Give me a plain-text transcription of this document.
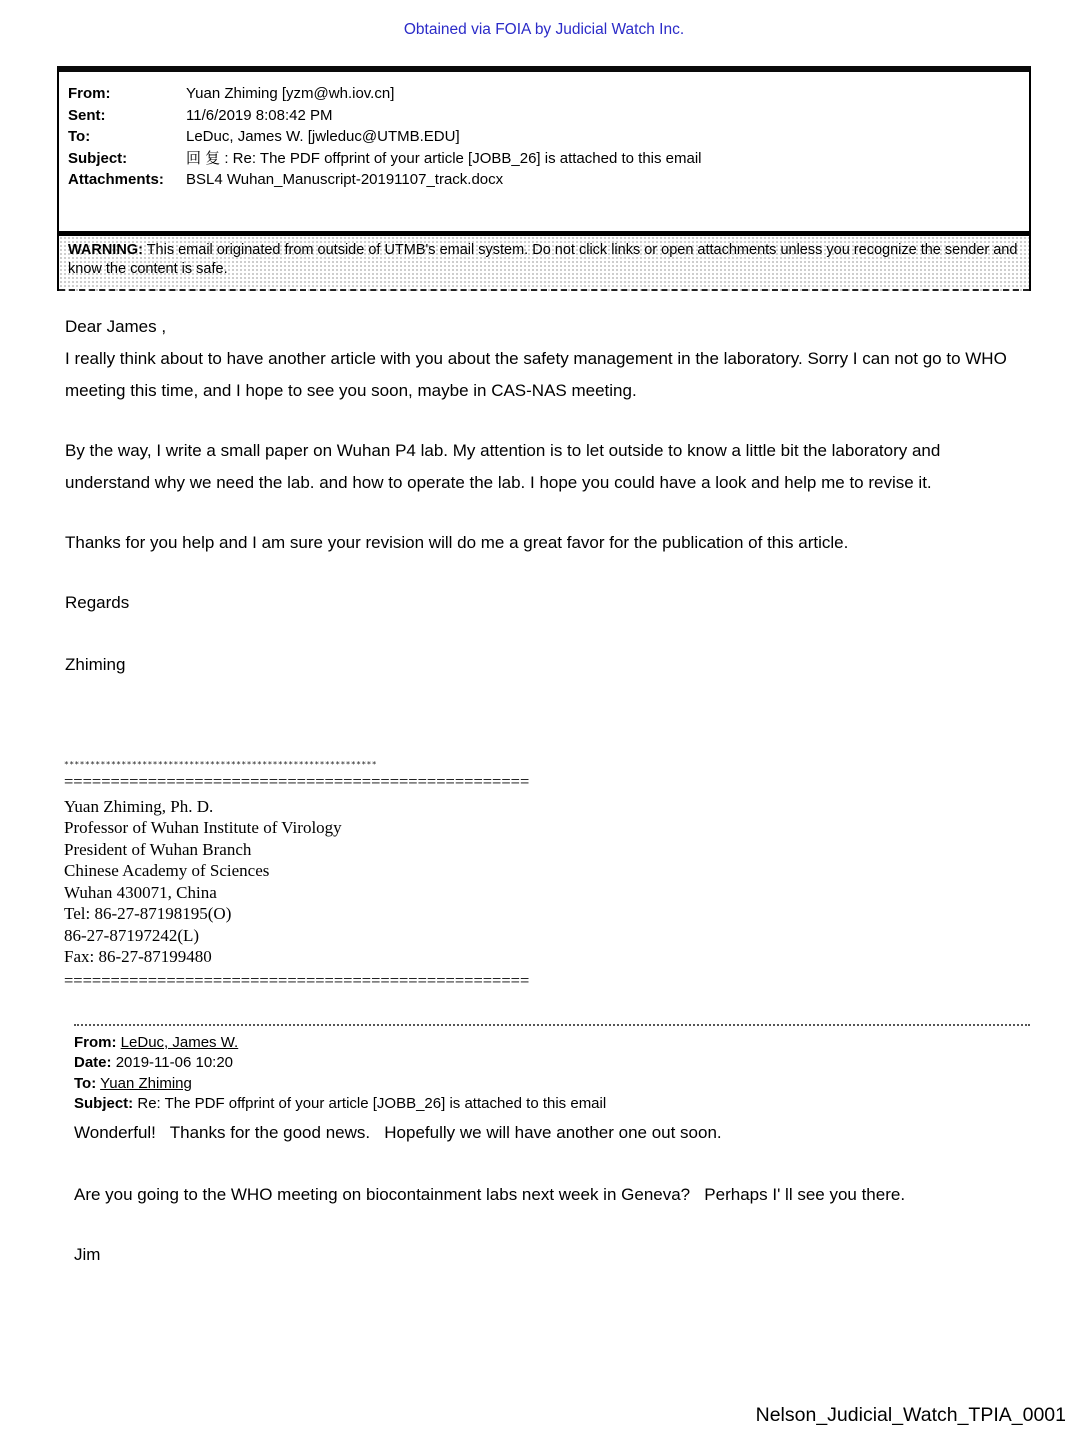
Obtained via FOIA by Judicial Watch Inc.
From:	Yuan Zhiming [yzm@wh.iov.cn]
Sent:	11/6/2019 8:08:42 PM
To:	LeDuc, James W. [jwleduc@UTMB.EDU]
Subject:	回 复 : Re: The PDF offprint of your article [JOBB_26] is attached to this email
Attachments:	BSL4 Wuhan_Manuscript-20191107_track.docx
WARNING: This email originated from outside of UTMB's email system. Do not click links or open attachments unless you recognize the sender and know the content is safe.
Dear James ,
I really think about to have another article with you about the safety management in the laboratory. Sorry I can not go to WHO meeting this time, and I hope to see you soon, maybe in CAS-NAS meeting.
By the way, I write a small paper on Wuhan P4 lab. My attention is to let outside to know a little bit the laboratory and understand why we need the lab. and how to operate the lab. I hope you could have a look and help me to revise it.
Thanks for you help and I am sure your revision will do me a great favor for the publication of this article.
Regards
Zhiming
************************************************************
==================================================
Yuan Zhiming, Ph. D.
Professor of Wuhan Institute of Virology
President of Wuhan Branch
Chinese Academy of Sciences
Wuhan 430071, China
Tel: 86-27-87198195(O)
86-27-87197242(L)
Fax: 86-27-87199480
==================================================
From: LeDuc, James W.
Date: 2019-11-06 10:20
To: Yuan Zhiming
Subject: Re: The PDF offprint of your article [JOBB_26] is attached to this email
Wonderful!   Thanks for the good news.   Hopefully we will have another one out soon.
Are you going to the WHO meeting on biocontainment labs next week in Geneva?   Perhaps I' ll see you there.
Jim
Nelson_Judicial_Watch_TPIA_0001
